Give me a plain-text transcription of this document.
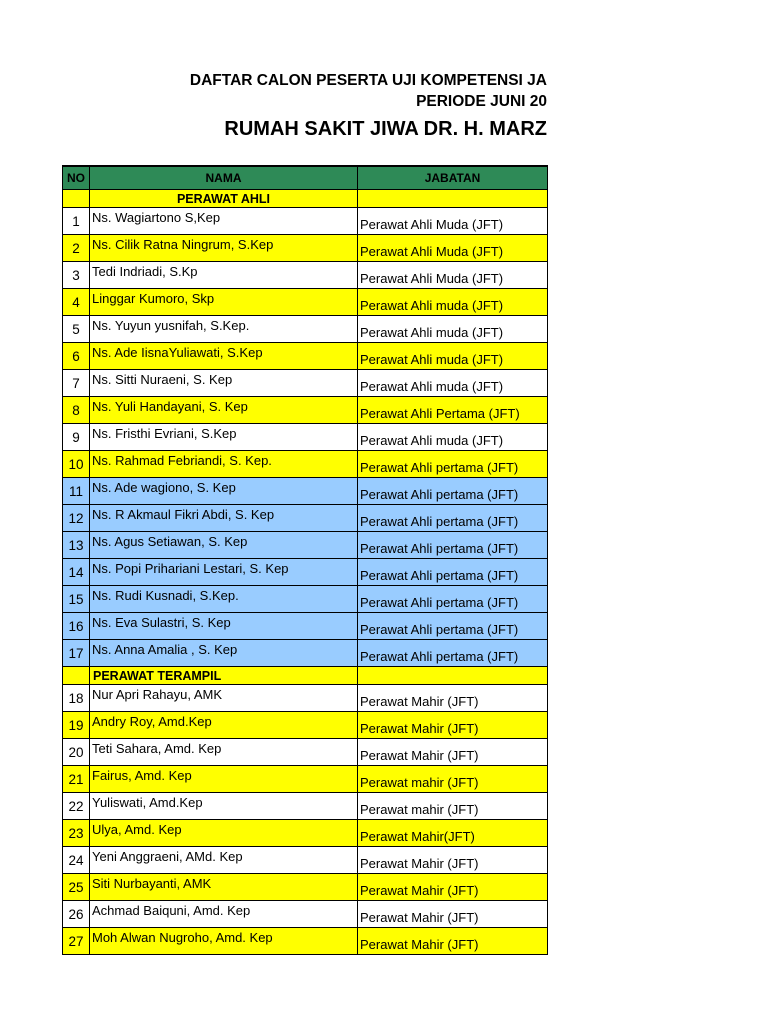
DAFTAR CALON PESERTA UJI KOMPETENSI JA
PERIODE JUNI 20
RUMAH SAKIT JIWA DR. H. MARZ
NO	NAMA	JABATAN
	PERAWAT AHLI	
1	Ns. Wagiartono S,Kep	Perawat Ahli Muda (JFT)
2	Ns. Cilik Ratna Ningrum, S.Kep	Perawat Ahli Muda (JFT)
3	Tedi Indriadi, S.Kp	Perawat Ahli Muda (JFT)
4	Linggar Kumoro, Skp	Perawat Ahli muda (JFT)
5	Ns. Yuyun yusnifah, S.Kep.	Perawat Ahli muda (JFT)
6	Ns. Ade IisnaYuliawati, S.Kep	Perawat Ahli muda (JFT)
7	Ns. Sitti Nuraeni, S. Kep	Perawat Ahli muda (JFT)
8	Ns. Yuli Handayani, S. Kep	Perawat Ahli Pertama (JFT)
9	Ns. Fristhi Evriani, S.Kep	Perawat Ahli muda (JFT)
10	Ns. Rahmad Febriandi, S. Kep.	Perawat Ahli pertama (JFT)
11	Ns. Ade wagiono, S. Kep	Perawat Ahli pertama (JFT)
12	Ns. R Akmaul Fikri Abdi, S. Kep	Perawat Ahli pertama (JFT)
13	Ns. Agus Setiawan, S. Kep	Perawat Ahli pertama (JFT)
14	Ns. Popi Prihariani Lestari, S. Kep	Perawat Ahli pertama (JFT)
15	Ns. Rudi Kusnadi, S.Kep.	Perawat Ahli pertama (JFT)
16	Ns. Eva Sulastri, S. Kep	Perawat Ahli pertama (JFT)
17	Ns. Anna Amalia , S. Kep	Perawat Ahli pertama (JFT)
	PERAWAT TERAMPIL	
18	Nur Apri Rahayu, AMK	Perawat Mahir (JFT)
19	Andry Roy, Amd.Kep	Perawat Mahir (JFT)
20	Teti Sahara, Amd. Kep	Perawat Mahir (JFT)
21	Fairus, Amd. Kep	Perawat mahir (JFT)
22	Yuliswati, Amd.Kep	Perawat mahir (JFT)
23	Ulya, Amd. Kep	Perawat Mahir(JFT)
24	Yeni Anggraeni, AMd. Kep	Perawat Mahir (JFT)
25	Siti Nurbayanti, AMK	Perawat Mahir (JFT)
26	Achmad Baiquni, Amd. Kep	Perawat Mahir (JFT)
27	Moh Alwan Nugroho, Amd. Kep	Perawat Mahir (JFT)
